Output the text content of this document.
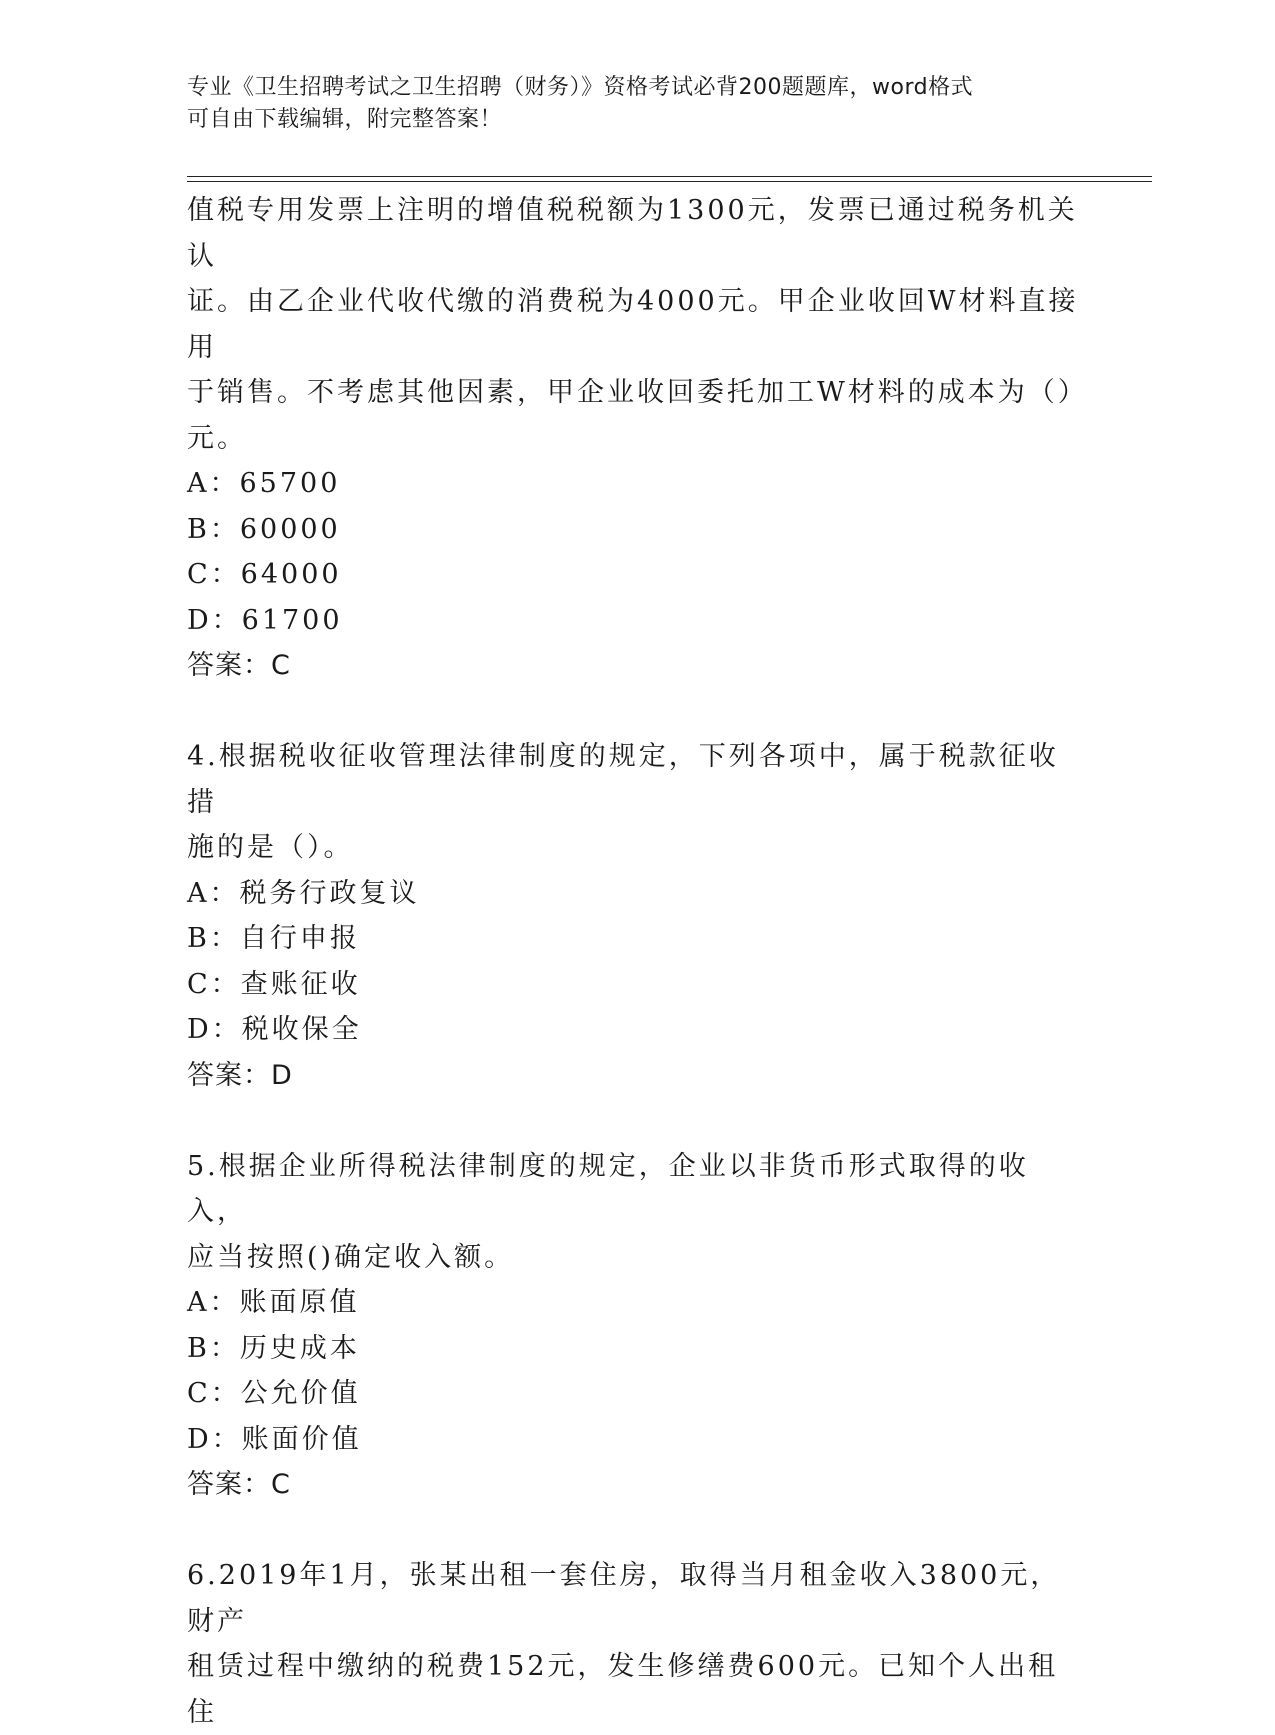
专业《卫生招聘考试之卫生招聘（财务）》资格考试必背200题题库，word格式
可自由下载编辑，附完整答案！

值税专用发票上注明的增值税税额为1300元，发票已通过税务机关认

证。由乙企业代收代缴的消费税为4000元。甲企业收回W材料直接用

于销售。不考虑其他因素，甲企业收回委托加工W材料的成本为（）

元。

A：65700

B：60000

C：64000

D：61700

答案：C

4.根据税收征收管理法律制度的规定，下列各项中，属于税款征收措

施的是（）。

A：税务行政复议

B：自行申报

C：查账征收

D：税收保全

答案：D

5.根据企业所得税法律制度的规定，企业以非货币形式取得的收入，

应当按照()确定收入额。

A：账面原值

B：历史成本

C：公允价值

D：账面价值

答案：C

6.2019年1月，张某出租一套住房，取得当月租金收入3800元，财产

租赁过程中缴纳的税费152元，发生修缮费600元。已知个人出租住
